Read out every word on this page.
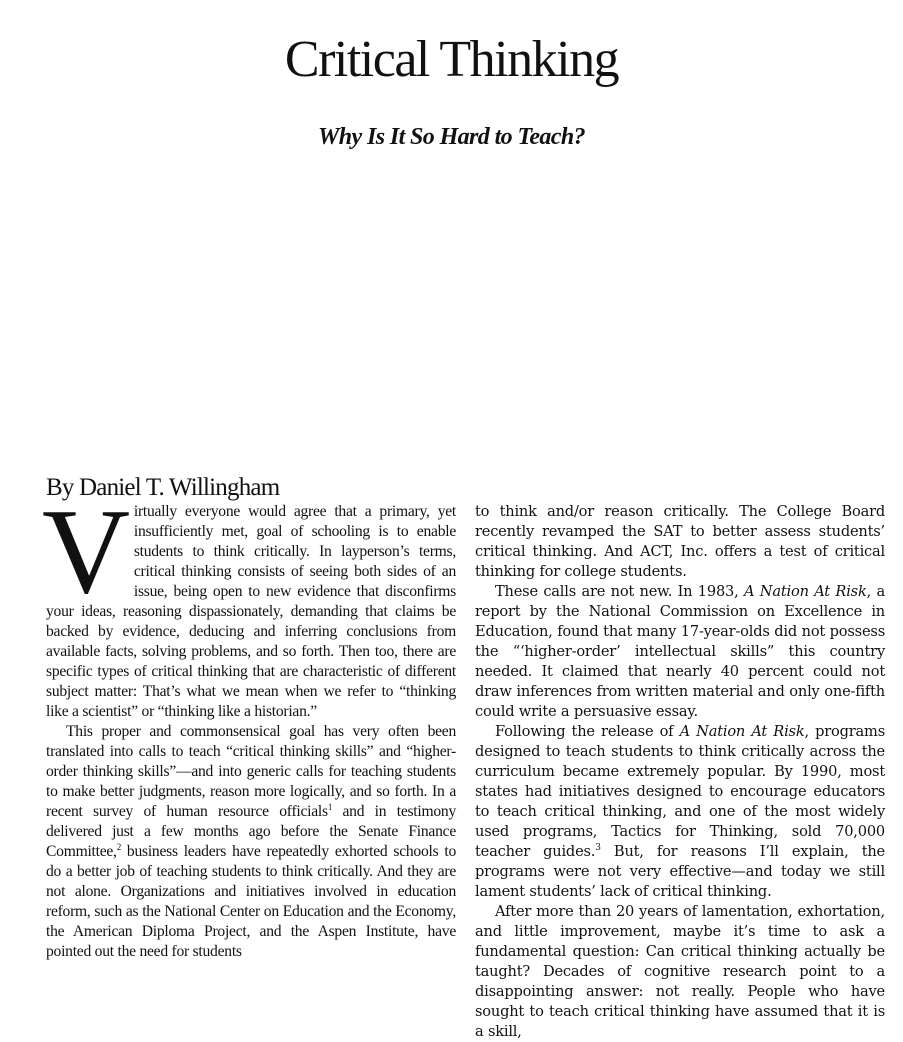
Critical Thinking
Why Is It So Hard to Teach?
By Daniel T. Willingham

Virtually everyone would agree that a primary, yet insufficiently met, goal of schooling is to enable students to think critically. In layperson’s terms, critical thinking consists of seeing both sides of an issue, being open to new evidence that disconfirms your ideas, reasoning dispassionately, demanding that claims be backed by evidence, deducing and inferring conclusions from available facts, solving problems, and so forth. Then too, there are specific types of critical thinking that are characteristic of different subject matter: That’s what we mean when we refer to “thinking like a scientist” or “thinking like a historian.”

This proper and commonsensical goal has very often been translated into calls to teach “critical thinking skills” and “higher-order thinking skills”—and into generic calls for teaching students to make better judgments, reason more logically, and so forth. In a recent survey of human resource officials$^1$ and in testimony delivered just a few months ago before the Senate Finance Committee,$^2$ business leaders have repeatedly exhorted schools to do a better job of teaching students to think critically. And they are not alone. Organizations and initiatives involved in education reform, such as the National Center on Education and the Economy, the American Diploma Project, and the Aspen Institute, have pointed out the need for students

to think and/or reason critically. The College Board recently revamped the SAT to better assess students’ critical thinking. And ACT, Inc. offers a test of critical thinking for college students.

These calls are not new. In 1983, A Nation At Risk, a report by the National Commission on Excellence in Education, found that many 17-year-olds did not possess the “‘higher-order’ intellectual skills” this country needed. It claimed that nearly 40 percent could not draw inferences from written material and only one-fifth could write a persuasive essay.

Following the release of A Nation At Risk, programs designed to teach students to think critically across the curriculum became extremely popular. By 1990, most states had initiatives designed to encourage educators to teach critical thinking, and one of the most widely used programs, Tactics for Thinking, sold 70,000 teacher guides.$^3$ But, for reasons I’ll explain, the programs were not very effective—and today we still lament students’ lack of critical thinking.

After more than 20 years of lamentation, exhortation, and little improvement, maybe it’s time to ask a fundamental question: Can critical thinking actually be taught? Decades of cognitive research point to a disappointing answer: not really. People who have sought to teach critical thinking have assumed that it is a skill,
